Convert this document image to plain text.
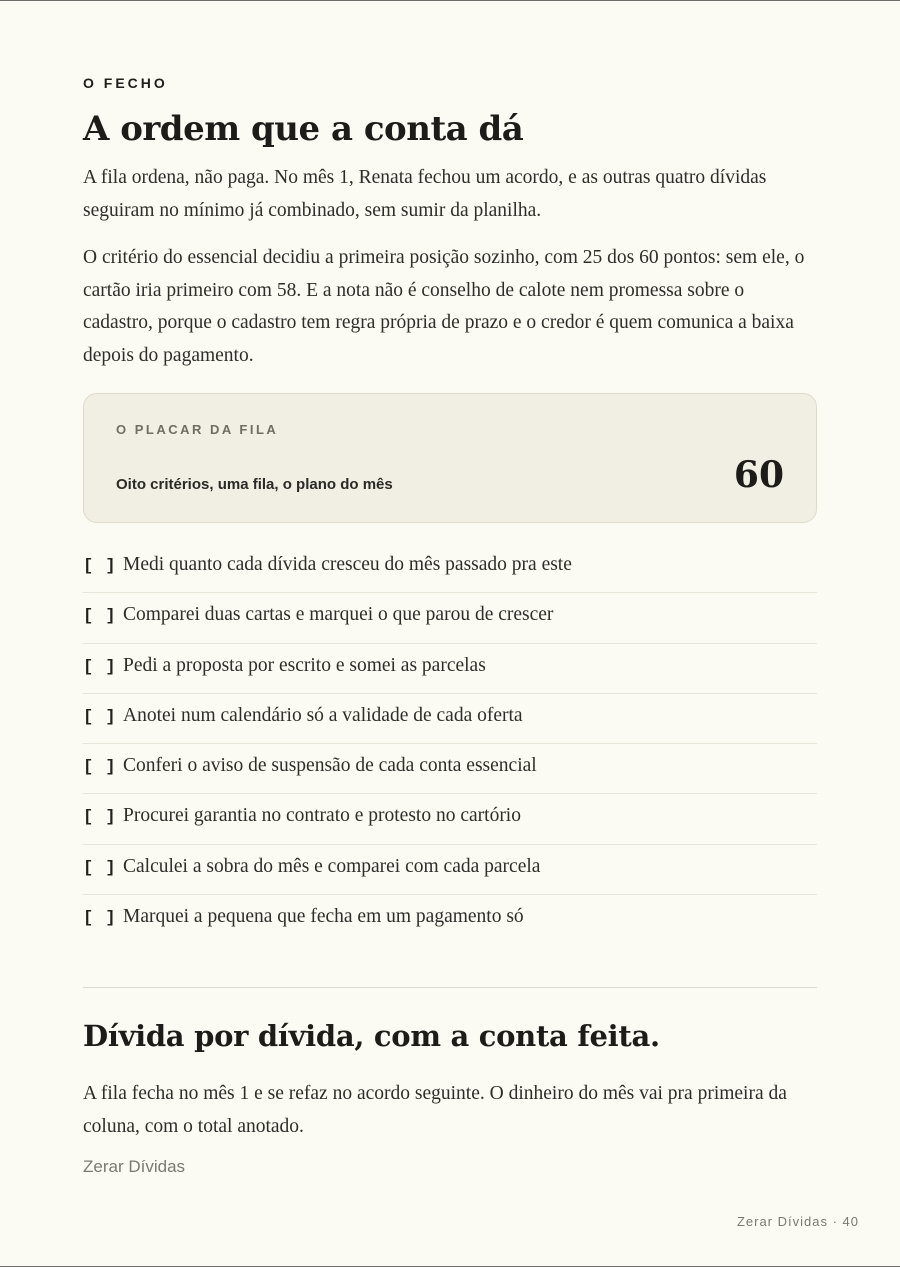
O FECHO
A ordem que a conta dá

A fila ordena, não paga. No mês 1, Renata fechou um acordo, e as outras quatro dívidas seguiram no mínimo já combinado, sem sumir da planilha.

O critério do essencial decidiu a primeira posição sozinho, com 25 dos 60 pontos: sem ele, o cartão iria primeiro com 58. E a nota não é conselho de calote nem promessa sobre o cadastro, porque o cadastro tem regra própria de prazo e o credor é quem comunica a baixa depois do pagamento.

O PLACAR DA FILA
Oito critérios, uma fila, o plano do mês	60
[ ] Medi quanto cada dívida cresceu do mês passado pra este
[ ] Comparei duas cartas e marquei o que parou de crescer
[ ] Pedi a proposta por escrito e somei as parcelas
[ ] Anotei num calendário só a validade de cada oferta
[ ] Conferi o aviso de suspensão de cada conta essencial
[ ] Procurei garantia no contrato e protesto no cartório
[ ] Calculei a sobra do mês e comparei com cada parcela
[ ] Marquei a pequena que fecha em um pagamento só
Dívida por dívida, com a conta feita.

A fila fecha no mês 1 e se refaz no acordo seguinte. O dinheiro do mês vai pra primeira da coluna, com o total anotado.

Zerar Dívidas
Zerar Dívidas · 40
